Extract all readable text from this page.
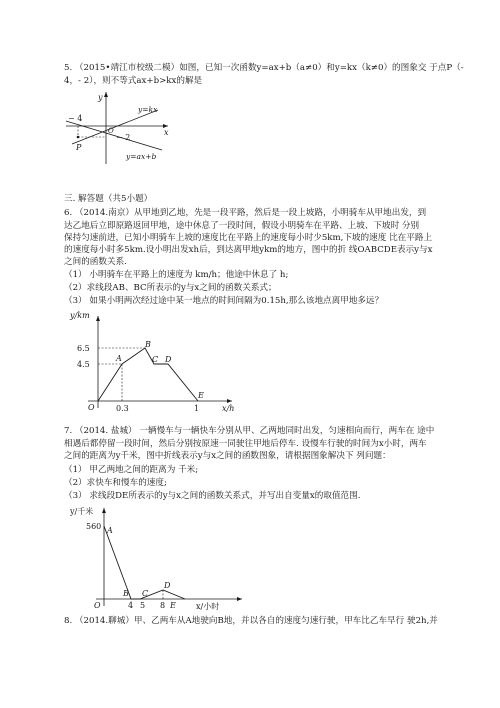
5. （2015•靖江市校级二模）如图，已知一次函数y=ax+b（a≠0）和y=kx（k≠0）的图象交 于点P（-
4，- 2），则不等式ax+b>kx的解是
y
x
O
P
− 4
− 2
y=kx
y=ax+b
三. 解答题（共5小题）
6. （2014.南京）从甲地到乙地，先是一段平路，然后是一段上坡路，小明骑车从甲地出发，到
达乙地后立即原路返回甲地，途中休息了一段时间，假设小明骑车在平路、上坡、下坡时 分别
保持匀速前进，已知小明骑车上坡的速度比在平路上的速度每小时少5km,下坡的速度 比在平路上
的速度每小时多5km.设小明出发xh后，到达离甲地ykm的地方，图中的折 线OABCDE表示y与x
之间的函数关系.
（1） 小明骑车在平路上的速度为 km/h；他途中休息了 h;
（2）求线段AB、BC所表示的y与x之间的函数关系式；
（3） 如果小明两次经过途中某一地点的时间间隔为0.15h,那么该地点离甲地多远？
y/km
x/h
O
6.5
4.5
0.3	1
A
B
C D
E
7. （2014. 盐城） 一辆慢车与一辆快车分别从甲、乙两地同时出发，匀速相向而行，两车在 途中
相遇后都停留一段时间，然后分别按原速一同驶往甲地后停车. 设慢车行驶的时间为x小时，两车
之间的距离为y千米，图中折线表示y与x之间的函数图象，请根据图象解决下 列问题：
（1） 甲乙两地之间的距离为 千米;
（2）求快车和慢车的速度;
（3） 求线段DE所表示的y与x之间的函数关系式，并写出自变量x的取值范围.
y/千米
x/小时
O
560
4 5 8
A
B C
D
E
8. （2014.聊城）甲、乙两车从A地驶向B地，并以各自的速度匀速行驶，甲车比乙车早行 驶2h,并
